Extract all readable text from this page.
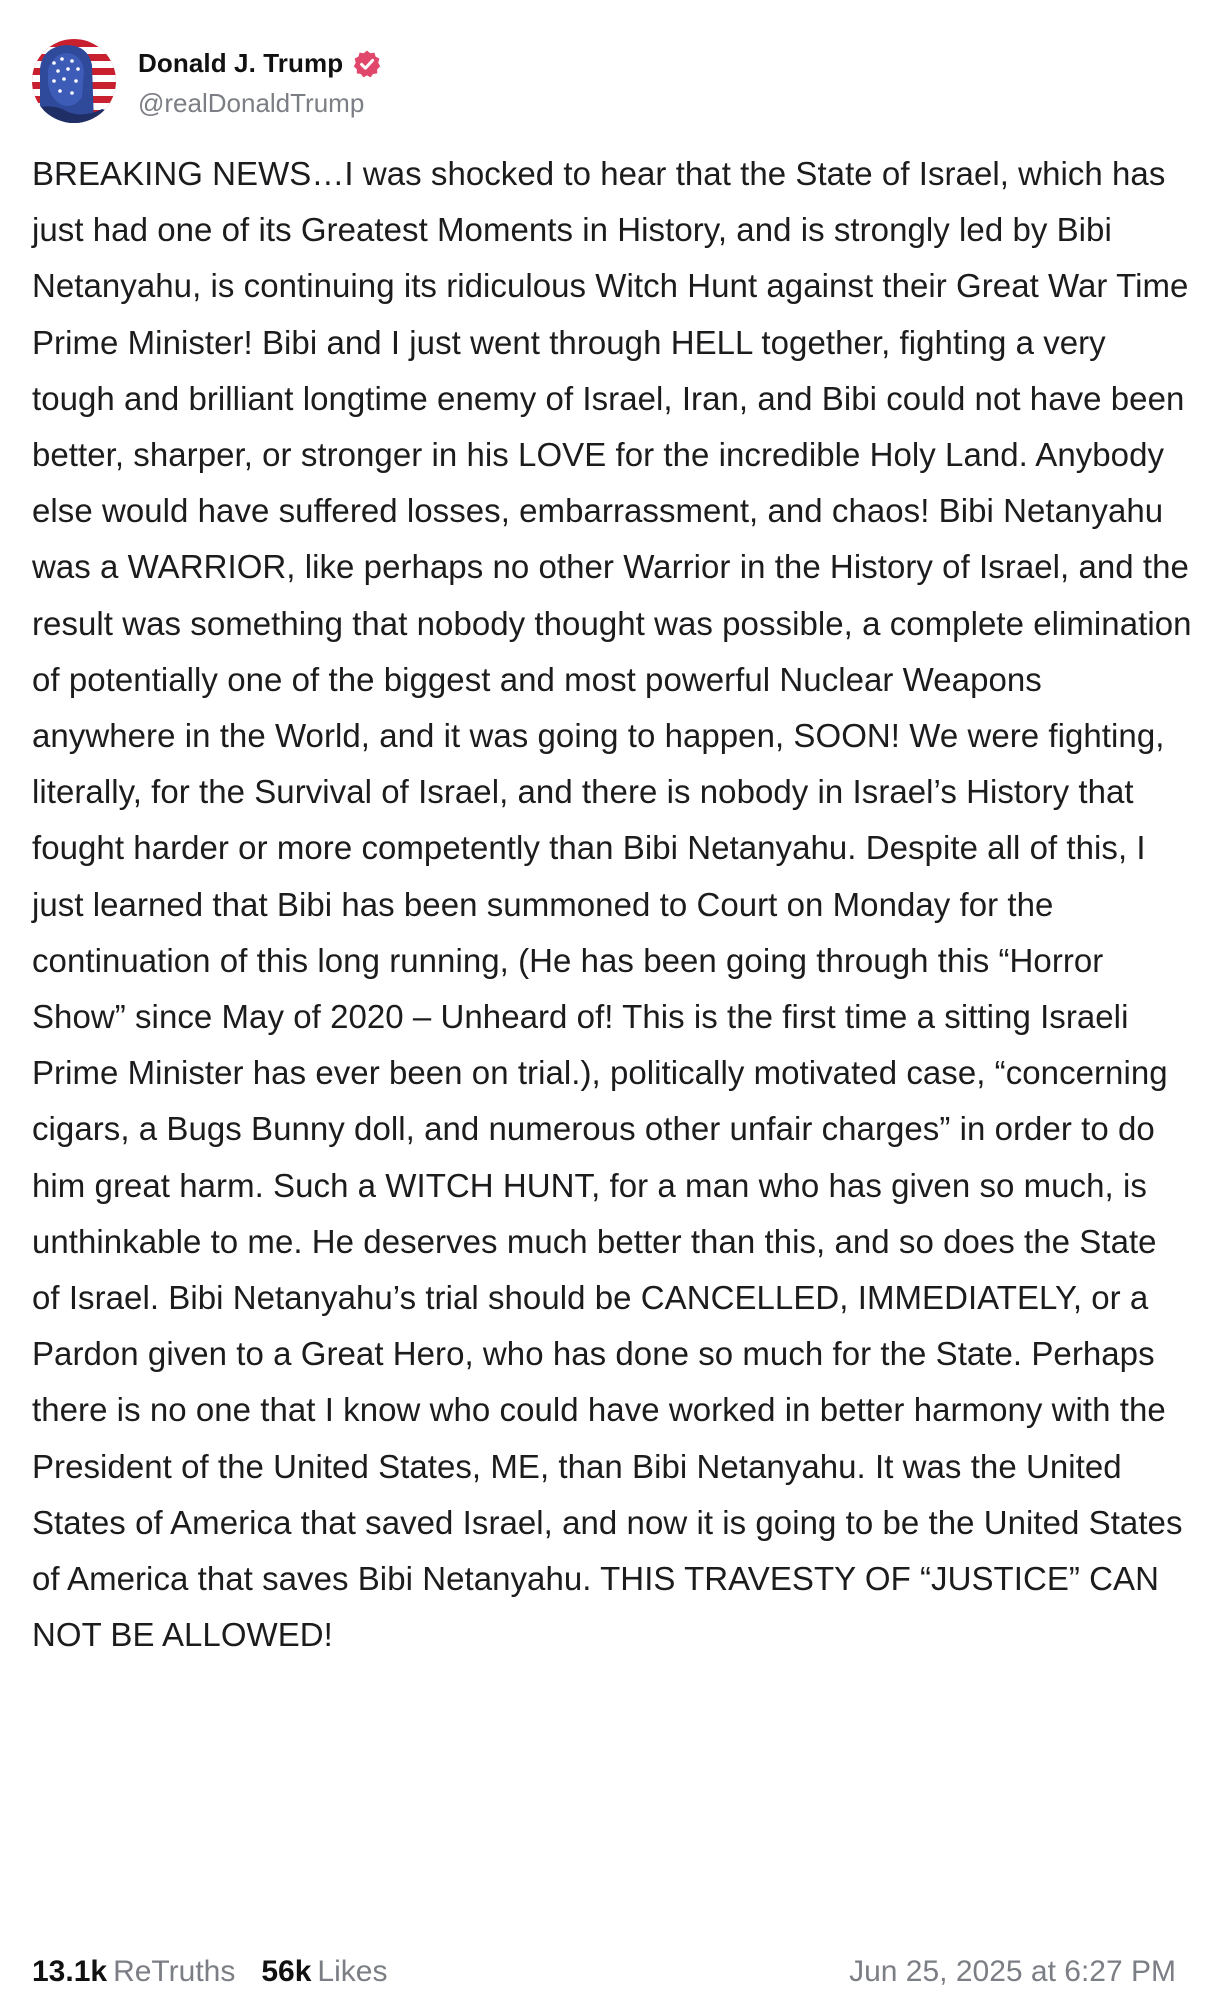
Donald J. Trump
@realDonaldTrump
BREAKING NEWS…I was shocked to hear that the State of Israel, which has just had one of its Greatest Moments in History, and is strongly led by Bibi Netanyahu, is continuing its ridiculous Witch Hunt against their Great War Time Prime Minister! Bibi and I just went through HELL together, fighting a very tough and brilliant longtime enemy of Israel, Iran, and Bibi could not have been better, sharper, or stronger in his LOVE for the incredible Holy Land. Anybody else would have suffered losses, embarrassment, and chaos! Bibi Netanyahu was a WARRIOR, like perhaps no other Warrior in the History of Israel, and the result was something that nobody thought was possible, a complete elimination of potentially one of the biggest and most powerful Nuclear Weapons anywhere in the World, and it was going to happen, SOON! We were fighting, literally, for the Survival of Israel, and there is nobody in Israel’s History that fought harder or more competently than Bibi Netanyahu. Despite all of this, I just learned that Bibi has been summoned to Court on Monday for the continuation of this long running, (He has been going through this “Horror Show” since May of 2020 – Unheard of! This is the first time a sitting Israeli Prime Minister has ever been on trial.), politically motivated case, “concerning cigars, a Bugs Bunny doll, and numerous other unfair charges” in order to do him great harm. Such a WITCH HUNT, for a man who has given so much, is unthinkable to me. He deserves much better than this, and so does the State of Israel. Bibi Netanyahu’s trial should be CANCELLED, IMMEDIATELY, or a Pardon given to a Great Hero, who has done so much for the State. Perhaps there is no one that I know who could have worked in better harmony with the President of the United States, ME, than Bibi Netanyahu. It was the United States of America that saved Israel, and now it is going to be the United States of America that saves Bibi Netanyahu. THIS TRAVESTY OF “JUSTICE” CAN NOT BE ALLOWED!
13.1k ReTruths 56k Likes	Jun 25, 2025 at 6:27 PM
